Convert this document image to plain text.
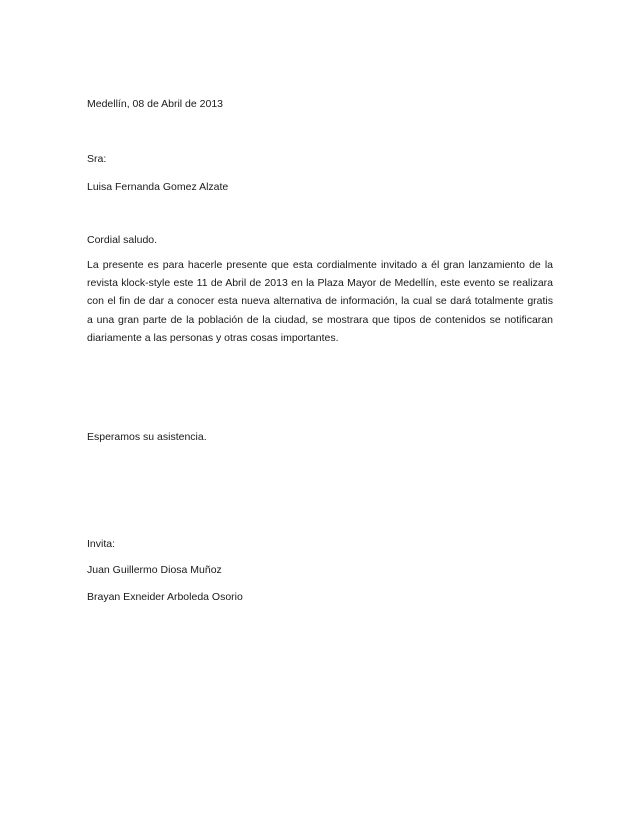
Medellín, 08 de Abril de 2013
Sra:
Luisa Fernanda Gomez Alzate
Cordial saludo.
La presente es para hacerle presente que esta cordialmente invitado a él gran lanzamiento de la
revista klock-style este 11 de Abril de 2013 en la Plaza Mayor de Medellín, este evento se realizara
con el fin de dar a conocer esta nueva alternativa de información, la cual se dará totalmente gratis
a una gran parte de la población de la ciudad, se mostrara que tipos de contenidos se notificaran
diariamente a las personas y otras cosas importantes.
Esperamos su asistencia.
Invita:
Juan Guillermo Diosa Muñoz
Brayan Exneider Arboleda Osorio
